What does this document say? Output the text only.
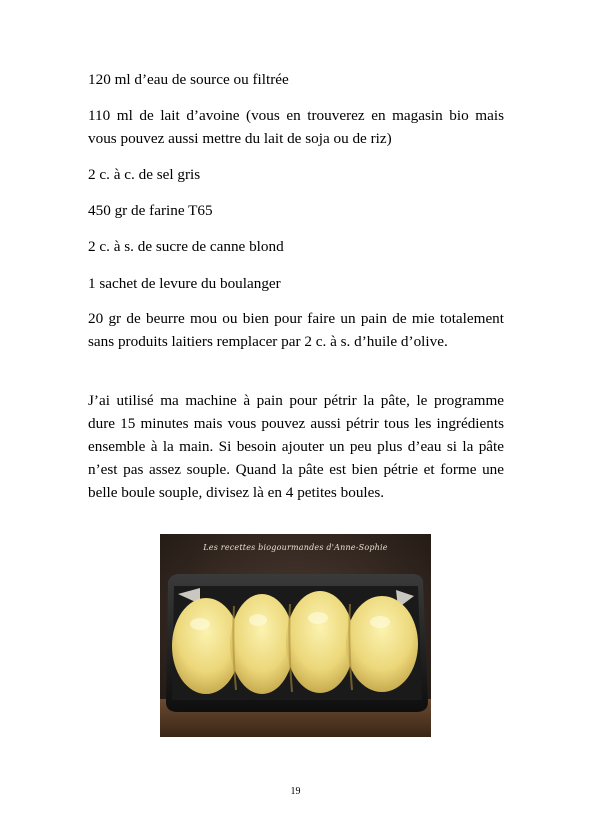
120 ml d’eau de source ou filtrée

110 ml de lait d’avoine (vous en trouverez en magasin bio mais vous pouvez aussi mettre du lait de soja ou de riz)

2 c. à c. de sel gris

450 gr de farine T65

2 c. à s. de sucre de canne blond

1 sachet de levure du boulanger

20 gr de beurre mou ou bien pour faire un pain de mie totalement sans produits laitiers remplacer par 2 c. à s. d’huile d’olive.

J’ai utilisé ma machine à pain pour pétrir la pâte, le programme dure 15 minutes mais vous pouvez aussi pétrir tous les ingrédients ensemble à la main. Si besoin ajouter un peu plus d’eau si la pâte n’est pas assez souple. Quand la pâte est bien pétrie et forme une belle boule souple, divisez là en 4 petites boules.

Les recettes biogourmandes d'Anne-Sophie
19
